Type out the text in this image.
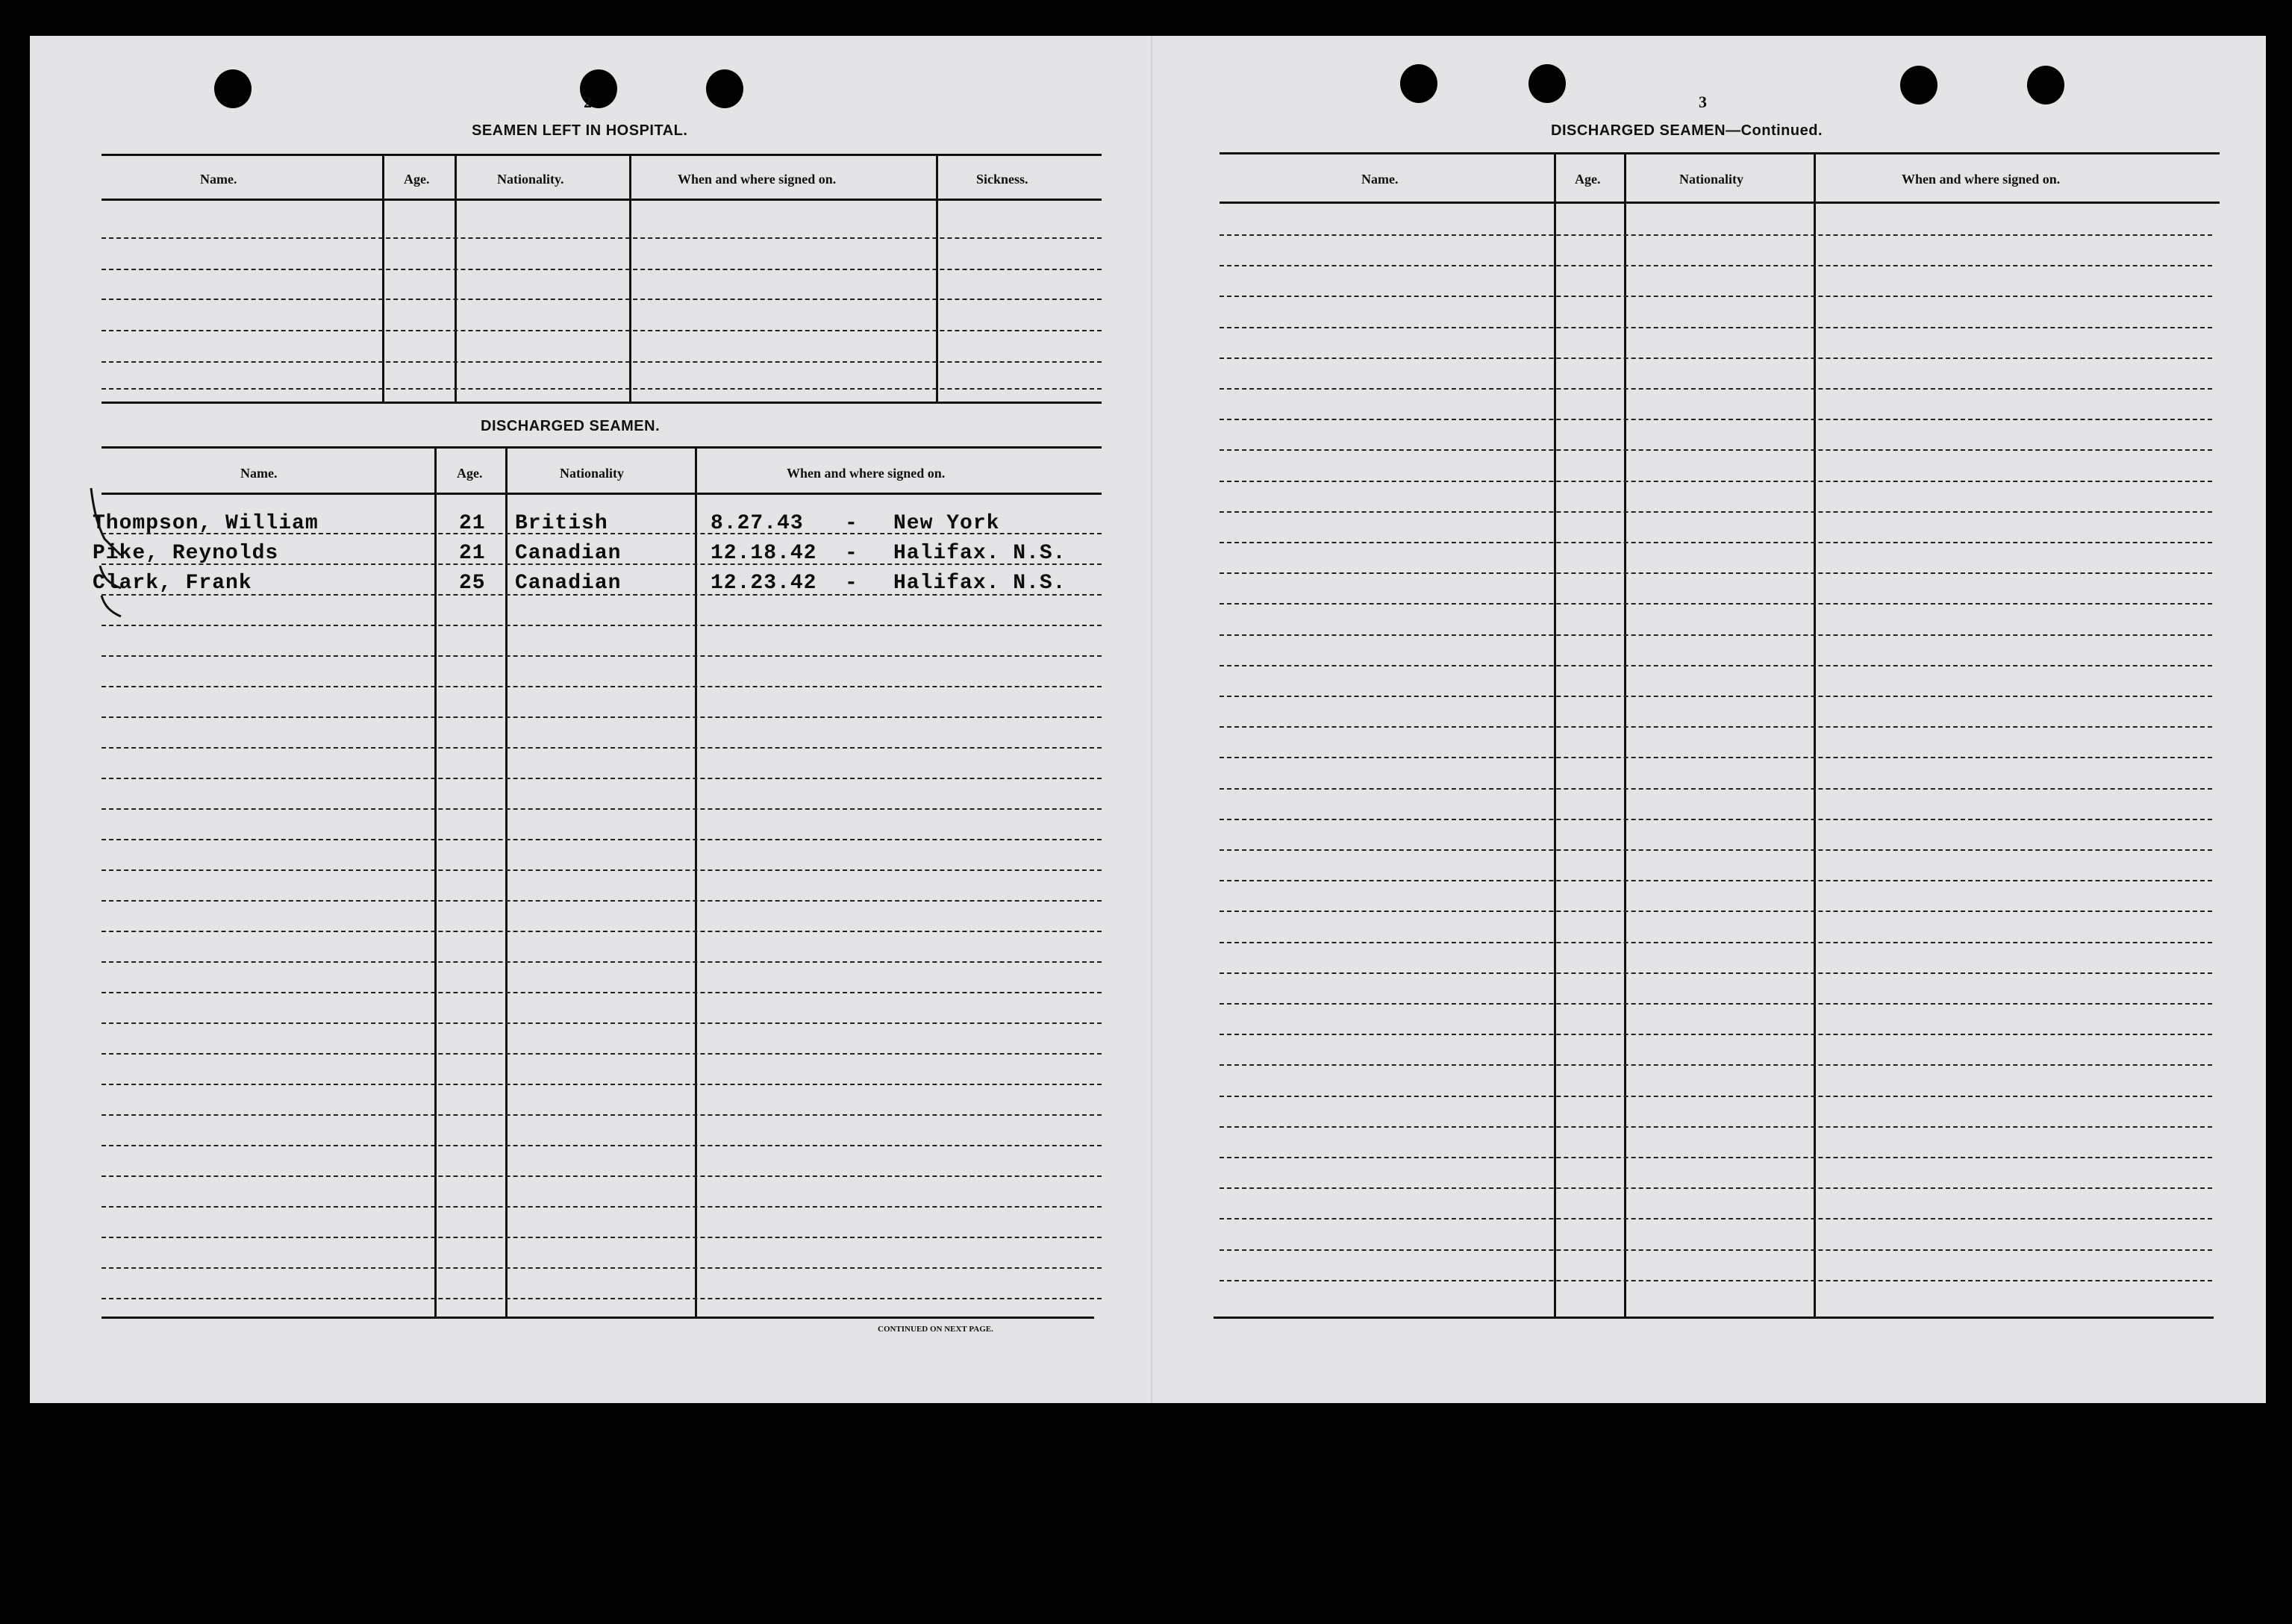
2
SEAMEN LEFT IN HOSPITAL.
Name.	Age.	Nationality.	When and where signed on.	Sickness.
DISCHARGED SEAMEN.
Name.	Age.	Nationality	When and where signed on.
Thompson, William	21 British	8.27.43 - New York
Pike, Reynolds	21 Canadian	12.18.42 - Halifax. N.S.
Clark, Frank	25 Canadian	12.23.42 - Halifax. N.S.
CONTINUED ON NEXT PAGE.
3
DISCHARGED SEAMEN—Continued.
Name.	Age.	Nationality	When and where signed on.
